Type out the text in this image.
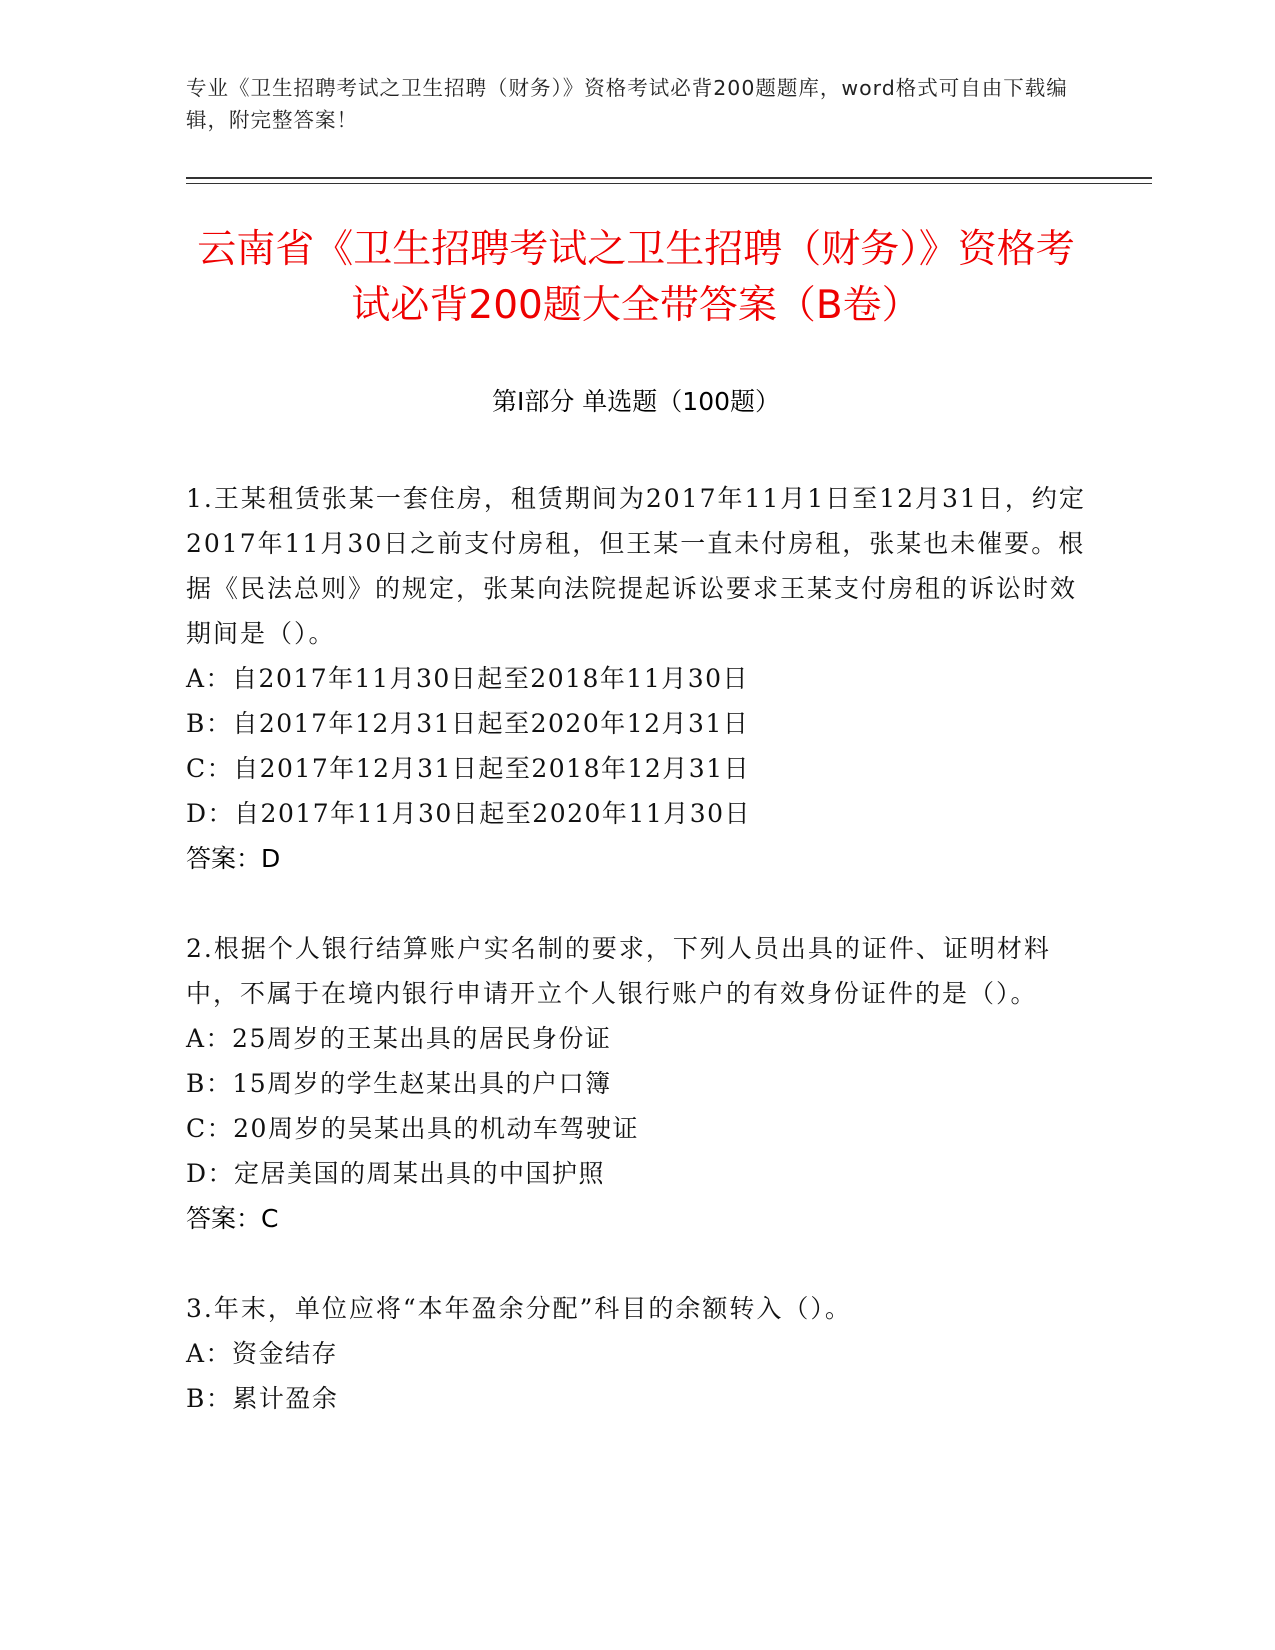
专业《卫生招聘考试之卫生招聘（财务）》资格考试必背200题题库，word格式可自由下载编辑，附完整答案！
云南省《卫生招聘考试之卫生招聘（财务）》资格考试必背200题大全带答案（B卷）
第Ⅰ部分 单选题（100题）

1.王某租赁张某一套住房，租赁期间为2017年11月1日至12月31日，约定2017年11月30日之前支付房租，但王某一直未付房租，张某也未催要。根据《民法总则》的规定，张某向法院提起诉讼要求王某支付房租的诉讼时效期间是（）。

A：自2017年11月30日起至2018年11月30日

B：自2017年12月31日起至2020年12月31日

C：自2017年12月31日起至2018年12月31日

D：自2017年11月30日起至2020年11月30日

答案：D

2.根据个人银行结算账户实名制的要求，下列人员出具的证件、证明材料中，不属于在境内银行申请开立个人银行账户的有效身份证件的是（）。

A：25周岁的王某出具的居民身份证

B：15周岁的学生赵某出具的户口簿

C：20周岁的吴某出具的机动车驾驶证

D：定居美国的周某出具的中国护照

答案：C

3.年末，单位应将“本年盈余分配”科目的余额转入（）。

A：资金结存

B：累计盈余
